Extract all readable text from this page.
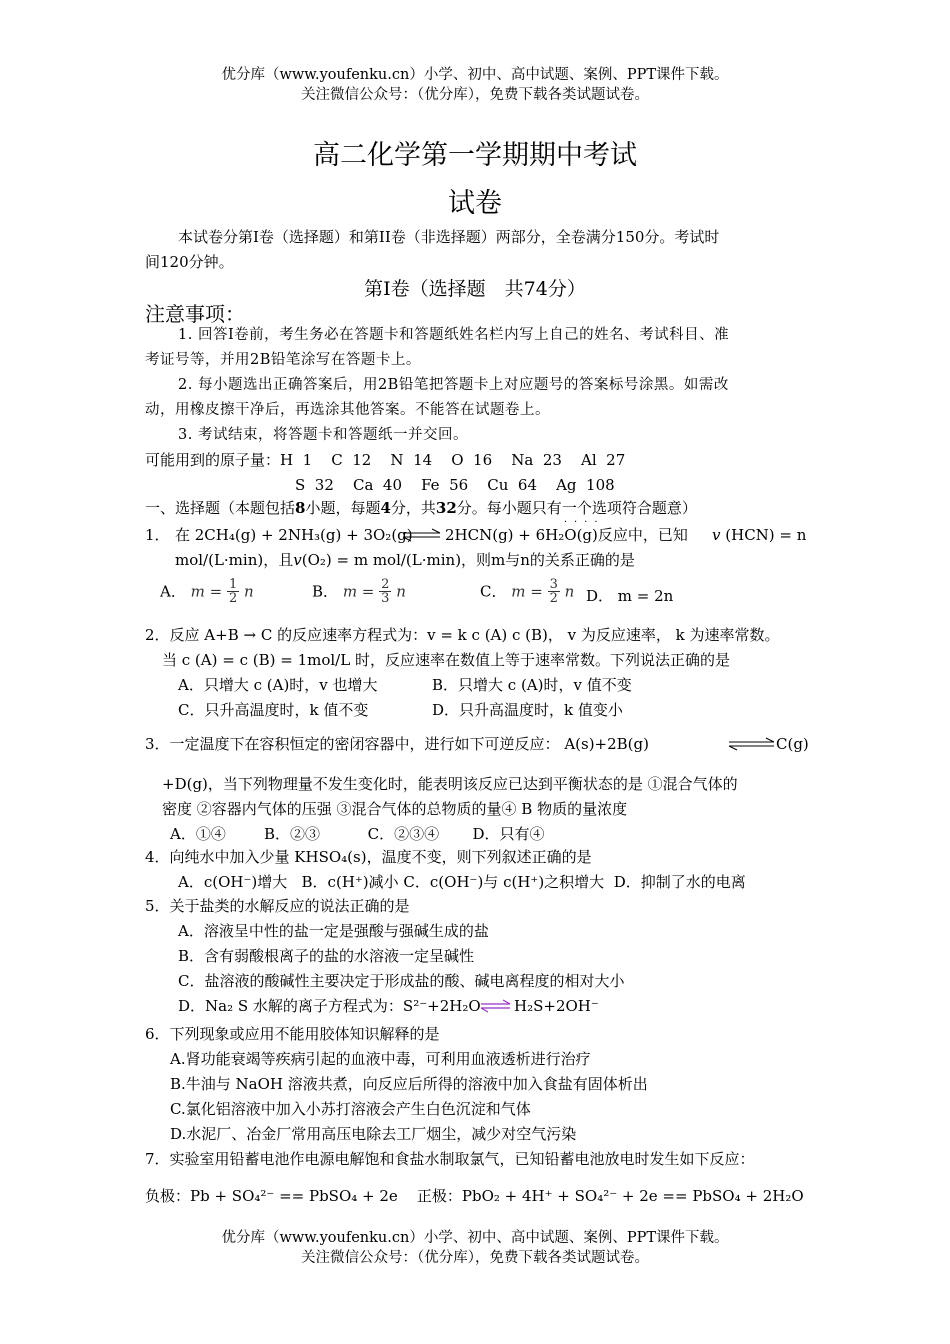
优分库（www.youfenku.cn）小学、初中、高中试题、案例、PPT课件下载。
关注微信公众号：（优分库），免费下载各类试题试卷。
高二化学第一学期期中考试
试卷
本试卷分第I卷（选择题）和第II卷（非选择题）两部分，全卷满分150分。考试时
间120分钟。
第Ⅰ卷（选择题　共74分）
注意事项：
1. 回答I卷前，考生务必在答题卡和答题纸姓名栏内写上自己的姓名、考试科目、准
考证号等，并用2B铅笔涂写在答题卡上。
2. 每小题选出正确答案后，用2B铅笔把答题卡上对应题号的答案标号涂黑。如需改
动，用橡皮擦干净后，再选涂其他答案。不能答在试题卷上。
3. 考试结束，将答题卡和答题纸一并交回。
可能用到的原子量：H  1    C  12    N  14    O  16    Na  23    Al  27
S  32    Ca  40    Fe  56    Cu  64    Ag  108
一、选择题（本题包括8小题，每题4分，共32分。每小题只有一个选项
····
符合题意）
1． 在 2CH₄(g) + 2NH₃(g) + 3O₂(g) ⇌ 2HCN(g) + 6H₂O(g)反应中，已知 v (HCN) = n
mol/(L·min)，且v(O₂) = m mol/(L·min)，则m与n的关系正确的是
A． $m = \frac{1}{2}$ n	B． $m = \frac{2}{3}$ n	C． $m = \frac{3}{2}$ n D． m = 2n
2．反应 A+B → C 的反应速率方程式为：v = k c (A) c (B)， v 为反应速率， k 为速率常数。
当 c (A) = c (B) = 1mol/L 时，反应速率在数值上等于速率常数。下列说法正确的是
A．只增大 c (A)时，v 也增大	B．只增大 c (A)时，v 值不变
C．只升高温度时，k 值不变	D．只升高温度时，k 值变小
3．一定温度下在容积恒定的密闭容器中，进行如下可逆反应： A(s)+2B(g)	⇌ C(g)
+D(g)，当下列物理量不发生变化时，能表明该反应已达到平衡状态的是 ①混合气体的
密度 ②容器内气体的压强 ③混合气体的总物质的量④ B 物质的量浓度
A．①④        B．②③          C．②③④       D．只有④
4．向纯水中加入少量 KHSO₄(s)，温度不变，则下列叙述正确的是
A．c(OH⁻)增大   B．c(H⁺)减小 C．c(OH⁻)与 c(H⁺)之积增大  D．抑制了水的电离
5．关于盐类的水解反应的说法正确的是
A．溶液呈中性的盐一定是强酸与强碱生成的盐
B．含有弱酸根离子的盐的水溶液一定呈碱性
C．盐溶液的酸碱性主要决定于形成盐的酸、碱电离程度的相对大小
D．Na₂ S 水解的离子方程式为：S²⁻+2H₂O H₂S+2OH⁻
6．下列现象或应用不能用胶体知识解释的是
A.肾功能衰竭等疾病引起的血液中毒，可利用血液透析进行治疗
B.牛油与 NaOH 溶液共煮，向反应后所得的溶液中加入食盐有固体析出
C.氯化铝溶液中加入小苏打溶液会产生白色沉淀和气体
D.水泥厂、冶金厂常用高压电除去工厂烟尘，减少对空气污染
7．实验室用铅蓄电池作电源电解饱和食盐水制取氯气，已知铅蓄电池放电时发生如下反应：
负极：Pb + SO₄²⁻ == PbSO₄ + 2e    正极：PbO₂ + 4H⁺ + SO₄²⁻ + 2e == PbSO₄ + 2H₂O
优分库（www.youfenku.cn）小学、初中、高中试题、案例、PPT课件下载。
关注微信公众号：（优分库），免费下载各类试题试卷。
